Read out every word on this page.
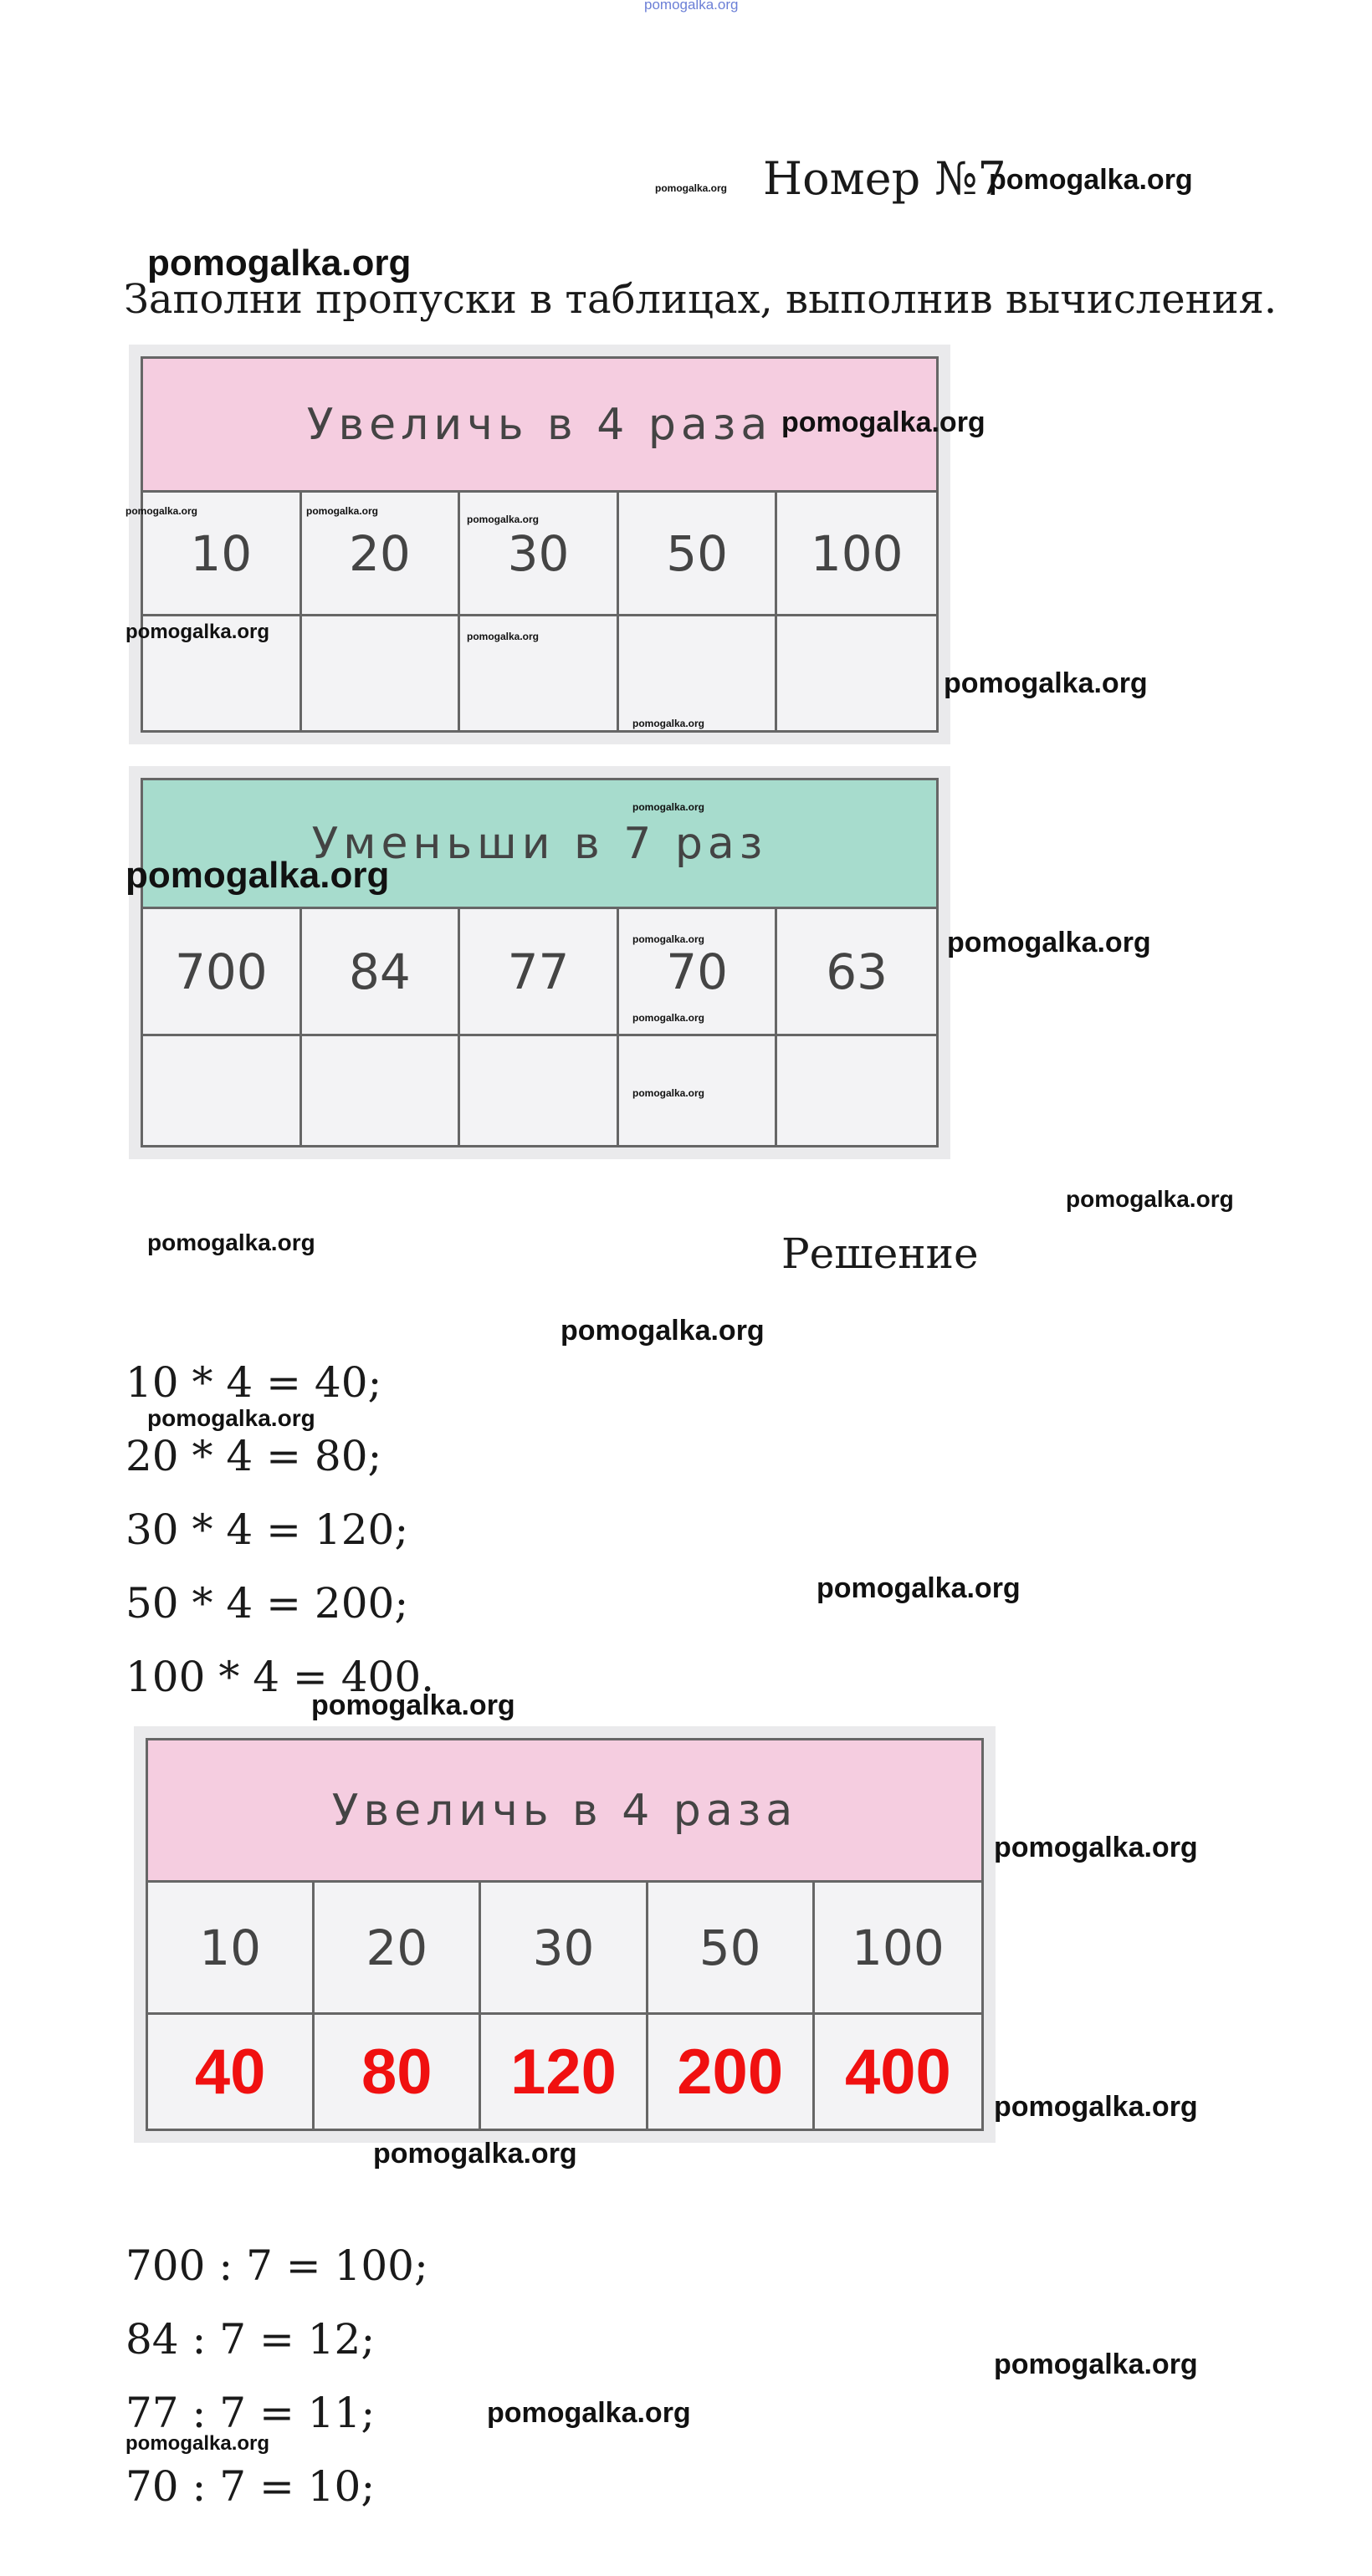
pomogalka.org
pomogalka.org Номер №7
pomogalka.org
pomogalka.org
Заполни пропуски в таблицах, выполнив вычисления.
Увеличь в 4 раза
10	20	30	50	100
pomogalka.org
pomogalka.org	pomogalka.org
pomogalka.org
pomogalka.org	pomogalka.org
pomogalka.org
pomogalka.org
Уменьши в 7 раз
700	84	77	70	63
pomogalka.org
pomogalka.org
pomogalka.org
pomogalka.org
pomogalka.org
pomogalka.org
pomogalka.org
pomogalka.org	Решение
pomogalka.org
10 * 4 = 40;
pomogalka.org
20 * 4 = 80;
30 * 4 = 120;
50 * 4 = 200;	pomogalka.org
100 * 4 = 400.
pomogalka.org
Увеличь в 4 раза
10	20	30	50	100
40	80	120 200 400
pomogalka.org
pomogalka.org
pomogalka.org
700 : 7 = 100;
84 : 7 = 12;
pomogalka.org
77 : 7 = 11;	pomogalka.org
pomogalka.org
70 : 7 = 10;
